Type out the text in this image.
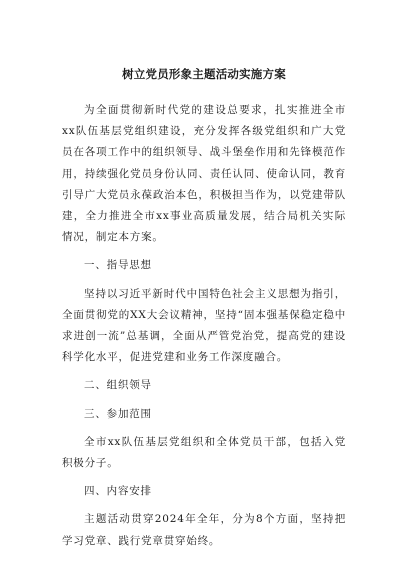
树立党员形象主题活动实施方案

为全面贯彻新时代党的建设总要求，扎实推进全市xx队伍基层党组织建设，充分发挥各级党组织和广大党员在各项工作中的组织领导、战斗堡垒作用和先锋模范作用，持续强化党员身份认同、责任认同、使命认同，教育引导广大党员永葆政治本色，积极担当作为，以党建带队建，全力推进全市xx事业高质量发展，结合局机关实际情况，制定本方案。

一、指导思想

坚持以习近平新时代中国特色社会主义思想为指引，全面贯彻党的XX大会议精神，坚持“固本强基保稳定稳中求进创一流”总基调，全面从严管党治党，提高党的建设科学化水平，促进党建和业务工作深度融合。

二、组织领导

三、参加范围

全市xx队伍基层党组织和全体党员干部，包括入党积极分子。

四、内容安排

主题活动贯穿2024年全年，分为8个方面，坚持把学习党章、践行党章贯穿始终。
